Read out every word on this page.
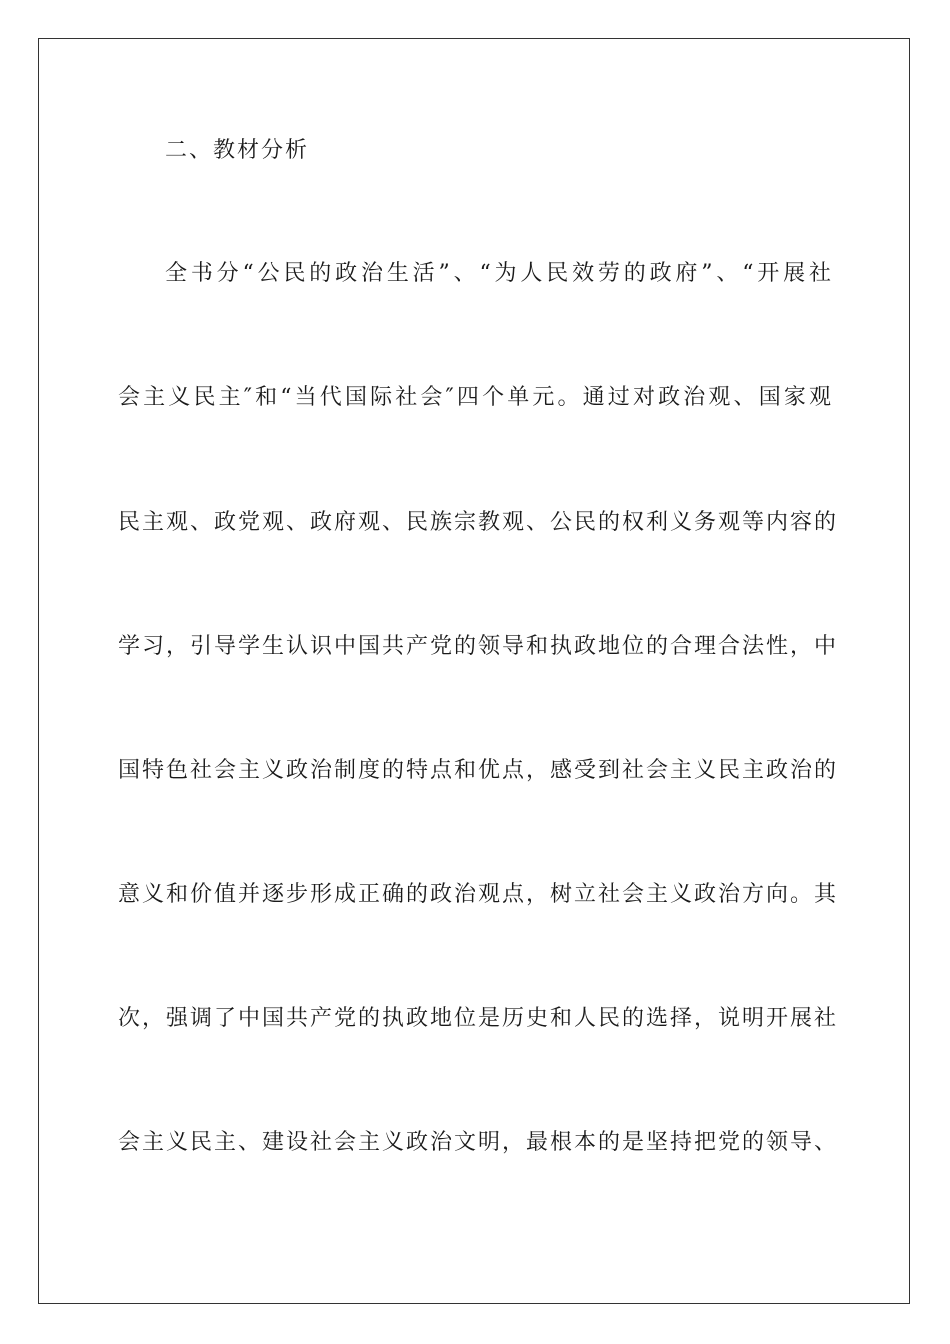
二、教材分析
全书分“公民的政治生活”、“为人民效劳的政府”、“开展社
会主义民主″和“当代国际社会″四个单元。通过对政治观、国家观
民主观、政党观、政府观、民族宗教观、公民的权利义务观等内容的
学习，引导学生认识中国共产党的领导和执政地位的合理合法性，中
国特色社会主义政治制度的特点和优点，感受到社会主义民主政治的
意义和价值并逐步形成正确的政治观点，树立社会主义政治方向。其
次，强调了中国共产党的执政地位是历史和人民的选择，说明开展社
会主义民主、建设社会主义政治文明，最根本的是坚持把党的领导、
